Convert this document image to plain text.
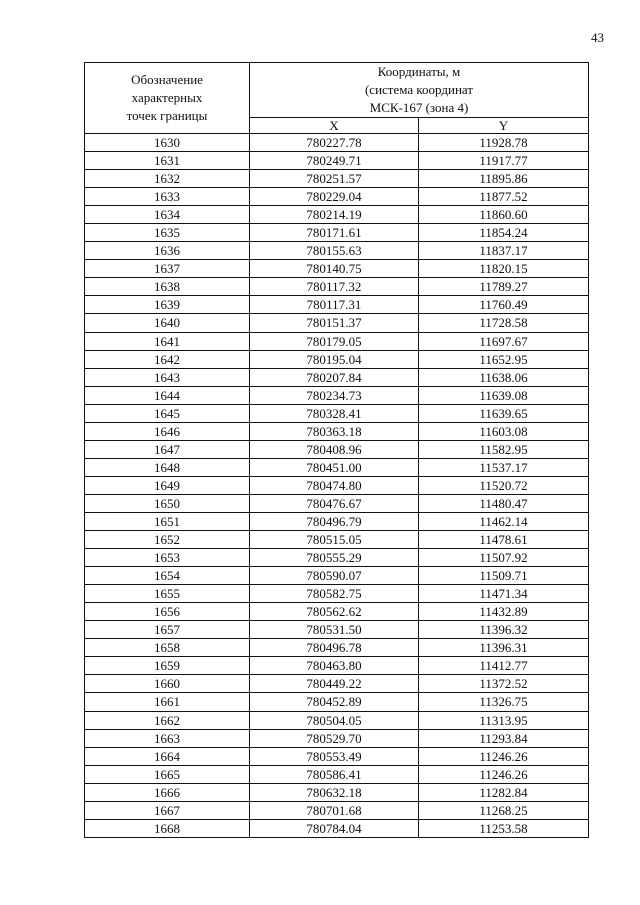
43
Обозначение
характерных
точек границы	Координаты, м
(система координат
МСК-167 (зона 4)	

	X	Y
1630	780227.78	11928.78
1631	780249.71	11917.77
1632	780251.57	11895.86
1633	780229.04	11877.52
1634	780214.19	11860.60
1635	780171.61	11854.24
1636	780155.63	11837.17
1637	780140.75	11820.15
1638	780117.32	11789.27
1639	780117.31	11760.49
1640	780151.37	11728.58
1641	780179.05	11697.67
1642	780195.04	11652.95
1643	780207.84	11638.06
1644	780234.73	11639.08
1645	780328.41	11639.65
1646	780363.18	11603.08
1647	780408.96	11582.95
1648	780451.00	11537.17
1649	780474.80	11520.72
1650	780476.67	11480.47
1651	780496.79	11462.14
1652	780515.05	11478.61
1653	780555.29	11507.92
1654	780590.07	11509.71
1655	780582.75	11471.34
1656	780562.62	11432.89
1657	780531.50	11396.32
1658	780496.78	11396.31
1659	780463.80	11412.77
1660	780449.22	11372.52
1661	780452.89	11326.75
1662	780504.05	11313.95
1663	780529.70	11293.84
1664	780553.49	11246.26
1665	780586.41	11246.26
1666	780632.18	11282.84
1667	780701.68	11268.25
1668	780784.04	11253.58
